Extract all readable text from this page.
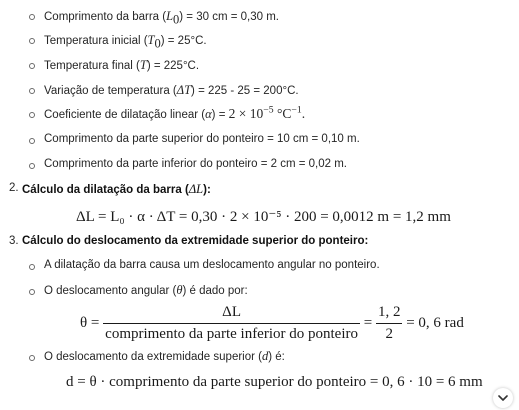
Comprimento da barra $(L_0) = 30$ cm = 0,30 m.
Temperatura inicial $(T_0) = 25^\circ C$.
Temperatura final (T) = 225°C.
Variação de temperatura (ΔT) = 225 - 25 = 200°C.
Coeficiente de dilatação linear $(\alpha) = 2 \times 10^{-5}$ $^\circ C^{-1}$.
Comprimento da parte superior do ponteiro = 10 cm = 0,10 m.
Comprimento da parte inferior do ponteiro = 2 cm = 0,02 m.
2. Cálculo da dilatação da barra (ΔL):
ΔL = L₀ · α · ΔT = 0,30 · 2 × 10⁻⁵ · 200 = 0,0012 m = 1,2 mm
3. Cálculo do deslocamento da extremidade superior do ponteiro:
A dilatação da barra causa um deslocamento angular no ponteiro.
O deslocamento angular (θ) é dado por:
$\theta = \frac{\Delta L}{\text{comprimento da parte inferior do ponteiro}} = \frac{1, 2}{2} = 0$, 6 rad
O deslocamento da extremidade superior (d) é:
d = θ · comprimento da parte superior do ponteiro = 0, 6 · 10 = 6 mm
